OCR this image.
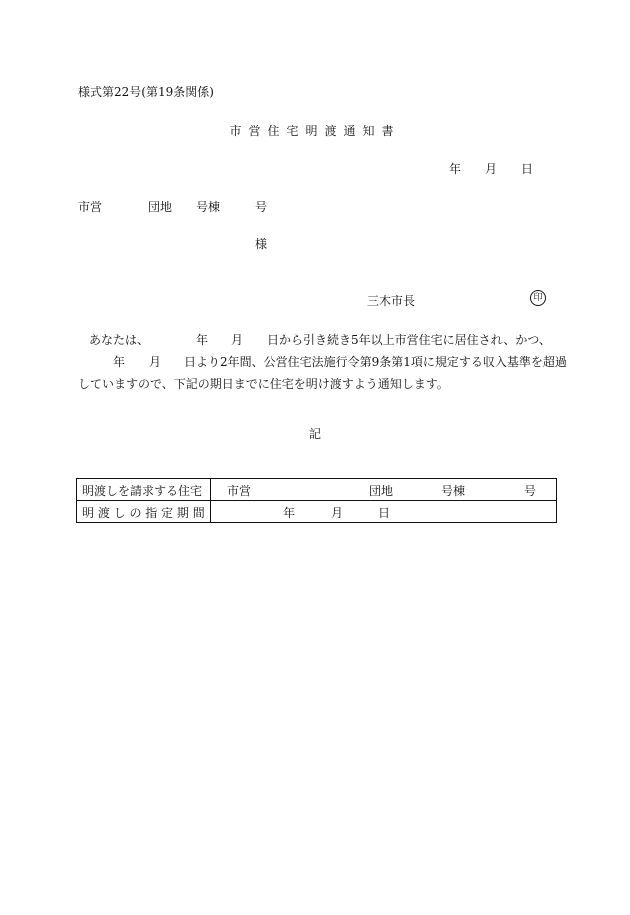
様式第22号(第19条関係)
市営住宅明渡通知書
年 月 日
市営	団地 号棟	号
様
三木市長	印
あなたは、	年 月 日から引き続き5年以上市営住宅に居住され、かつ、
年 月 日より2年間、公営住宅法施行令第9条第1項に規定する収入基準を超過
していますので、下記の期日までに住宅を明け渡すよう通知します。
記
明渡しを請求する住宅	市営 団地 号棟 号

明 渡 し の 指 定 期 間	年 月 日
